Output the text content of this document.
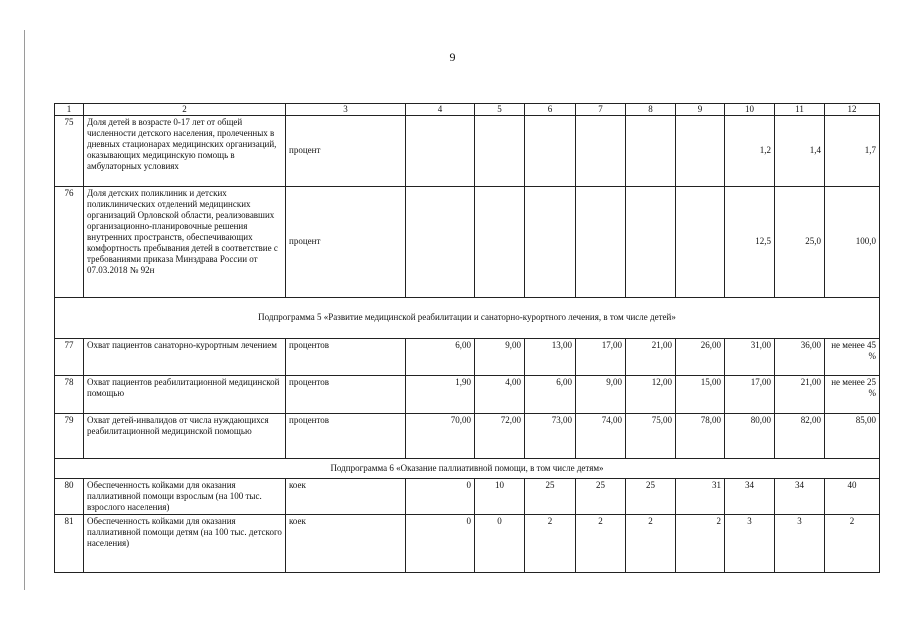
9
1	2	3	4	5	6	7	8	9	10	11	12
75	Доля детей в возрасте 0-17 лет от общей численности детского населения, пролеченных в дневных стационарах медицинских организаций, оказывающих медицинскую помощь в амбулаторных условиях	процент							1,2	1,4	1,7
76	Доля детских поликлиник и детских поликлинических отделений медицинских организаций Орловской области, реализовавших организационно-планировочные решения внутренних пространств, обеспечивающих комфортность пребывания детей в соответствие с требованиями приказа Минздрава России от 07.03.2018 № 92н	процент							12,5	25,0	100,0
Подпрограмма 5 «Развитие медицинской реабилитации и санаторно-курортного лечения, в том числе детей»											
77	Охват пациентов санаторно-курортным лечением	процентов	6,00	9,00	13,00	17,00	21,00	26,00	31,00	36,00	не менее 45 %
78	Охват пациентов реабилитационной медицинской помощью	процентов	1,90	4,00	6,00	9,00	12,00	15,00	17,00	21,00	не менее 25 %
79	Охват детей-инвалидов от числа нуждающихся реабилитационной медицинской помощью	процентов	70,00	72,00	73,00	74,00	75,00	78,00	80,00	82,00	85,00
Подпрограмма 6 «Оказание паллиативной помощи, в том числе детям»											
80	Обеспеченность койками для оказания паллиативной помощи взрослым (на 100 тыс. взрослого населения)	коек	0	10	25	25	25	31	34	34	40
81	Обеспеченность койками для оказания паллиативной помощи детям (на 100 тыс. детского населения)	коек	0	0	2	2	2	2	3	3	2
